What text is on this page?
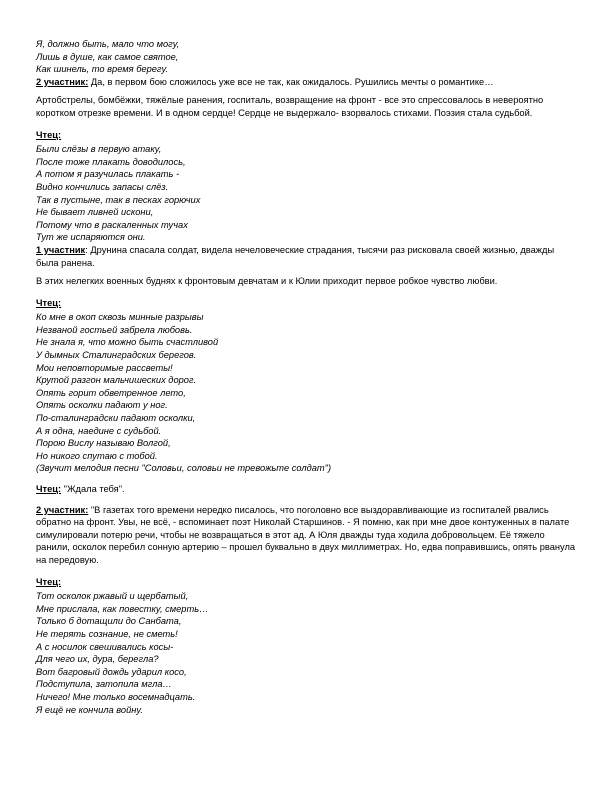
Я, должно быть, мало что могу,
Лишь в душе, как самое святое,
Как шинель, то время берегу.

2 участник: Да, в первом бою сложилось уже все не так, как ожидалось. Рушились мечты о романтике…

Артобстрелы, бомбёжки, тяжёлые ранения, госпиталь, возвращение на фронт - все это спрессовалось в невероятно коротком отрезке времени. И в одном сердце! Сердце не выдержало- взорвалось стихами. Поэзия стала судьбой.

Чтец:
Были слёзы в первую атаку,
После тоже плакать доводилось,
А потом я разучилась плакать -
Видно кончились запасы слёз.
Так в пустыне, так в песках горючих
Не бывает ливней искони,
Потому что в раскаленных тучах
Тут же испаряются они.

1 участник: Друнина спасала солдат, видела нечеловеческие страдания, тысячи раз рисковала своей жизнью, дважды была ранена.

В этих нелегких военных буднях к фронтовым девчатам и к Юлии приходит первое робкое чувство любви.

Чтец:
Ко мне в окоп сквозь минные разрывы
Незваной гостьей забрела любовь.
Не знала я, что можно быть счастливой
У дымных Сталинградских берегов.
Мои неповторимые рассветы!
Крутой разгон мальчишеских дорог.
Опять горит обветренное лето,
Опять осколки падают у ног.
По-сталинградски падают осколки,
А я одна, наедине с судьбой.
Порою Вислу называю Волгой,
Но никого спутаю с тобой.
(Звучит мелодия песни "Соловьи, соловьи не тревожьте солдат")
Чтец: "Ждала тебя".

2 участник: "В газетах того времени нередко писалось, что поголовно все выздоравливающие из госпиталей рвались обратно на фронт. Увы, не всё, - вспоминает поэт Николай Старшинов. - Я помню, как при мне двое контуженных в палате симулировали потерю речи, чтобы не возвращаться в этот ад. А Юля дважды туда ходила добровольцем. Её тяжело ранили, осколок перебил сонную артерию – прошел буквально в двух миллиметрах. Но, едва поправившись, опять рванула на передовую.

Чтец:
Тот осколок ржавый и щербатый,
Мне прислала, как повестку, смерть…
Только б дотащили до Санбата,
Не терять сознание, не сметь!
А с носилок свешивались косы-
Для чего их, дура, берегла?
Вот багровый дождь ударил косо,
Подступила, затопила мгла…
Ничего! Мне только восемнадцать.
Я ещё не кончила войну.
